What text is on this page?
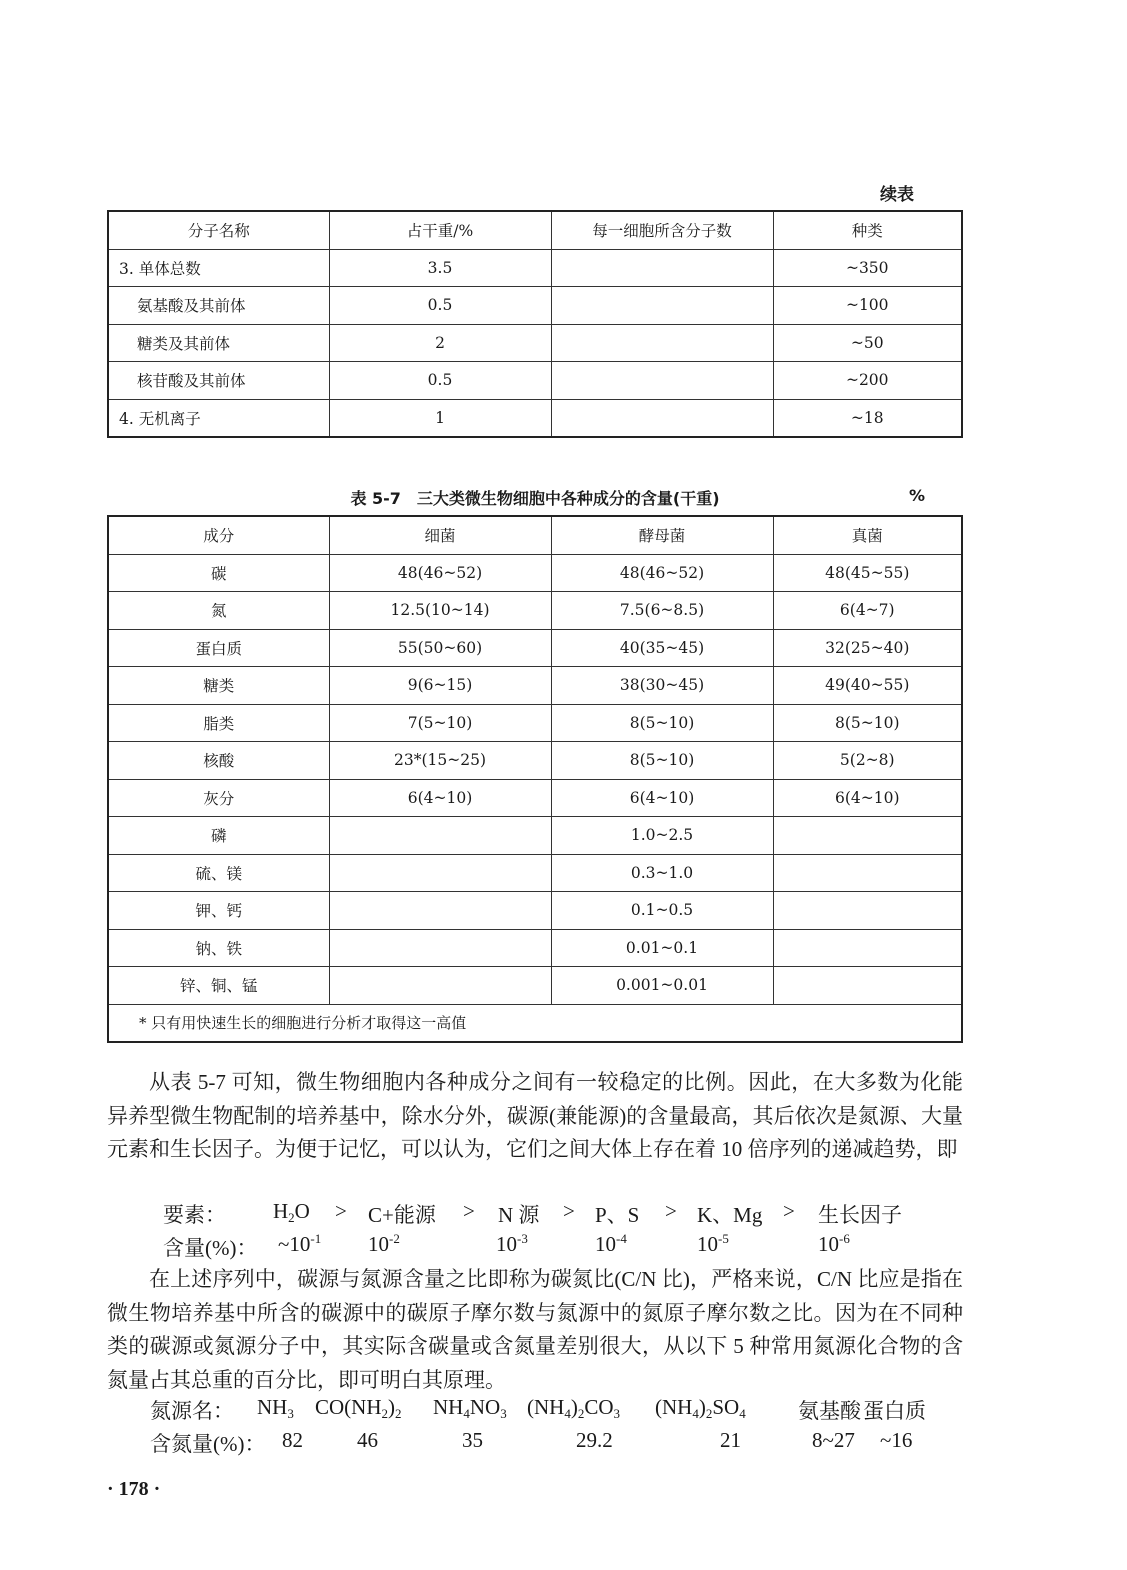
续表
分子名称	占干重/%	每一细胞所含分子数	种类
3. 单体总数	3.5		~350
氨基酸及其前体	0.5		~100
糖类及其前体	2		~50
核苷酸及其前体	0.5		~200
4. 无机离子	1		~18
表 5-7　三大类微生物细胞中各种成分的含量(干重)	%
成分	细菌	酵母菌	真菌
碳	48(46~52)	48(46~52)	48(45~55)
氮	12.5(10~14)	7.5(6~8.5)	6(4~7)
蛋白质	55(50~60)	40(35~45)	32(25~40)
糖类	9(6~15)	38(30~45)	49(40~55)
脂类	7(5~10)	8(5~10)	8(5~10)
核酸	23*(15~25)	8(5~10)	5(2~8)
灰分	6(4~10)	6(4~10)	6(4~10)
磷		1.0~2.5	
硫、镁		0.3~1.0	
钾、钙		0.1~0.5	
钠、铁		0.01~0.1	
锌、铜、锰		0.001~0.01	
* 只有用快速生长的细胞进行分析才取得这一高值			

从表 5-7 可知，微生物细胞内各种成分之间有一较稳定的比例。因此，在大多数为化能异养型微生物配制的培养基中，除水分外，碳源(兼能源)的含量最高，其后依次是氮源、大量元素和生长因子。为便于记忆，可以认为，它们之间大体上存在着 10 倍序列的递减趋势，即

要素： $H_2O > C+$能源 > N 源 > P、S > K、Mg > 生长因子
含量(%)： $\sim 10^{-1}$ $10^{-2}$	$10^{-3}$	$10^{-4}$	$10^{-5}$	$10^{-6}$

在上述序列中，碳源与氮源含量之比即称为碳氮比(C/N 比)，严格来说，C/N 比应是指在微生物培养基中所含的碳源中的碳原子摩尔数与氮源中的氮原子摩尔数之比。因为在不同种类的碳源或氮源分子中，其实际含碳量或含氮量差别很大，从以下 5 种常用氮源化合物的含氮量占其总重的百分比，即可明白其原理。

氮源名： $NH_3$ $CO(NH_2)_2$ $NH_4NO_3$ $(NH_4)_2CO_3$ $(NH_4)_2SO_4$ 氨基酸 蛋白质
含氮量(%)： 82	46	35	29.2	21	8~27 ~16
· 178 ·
